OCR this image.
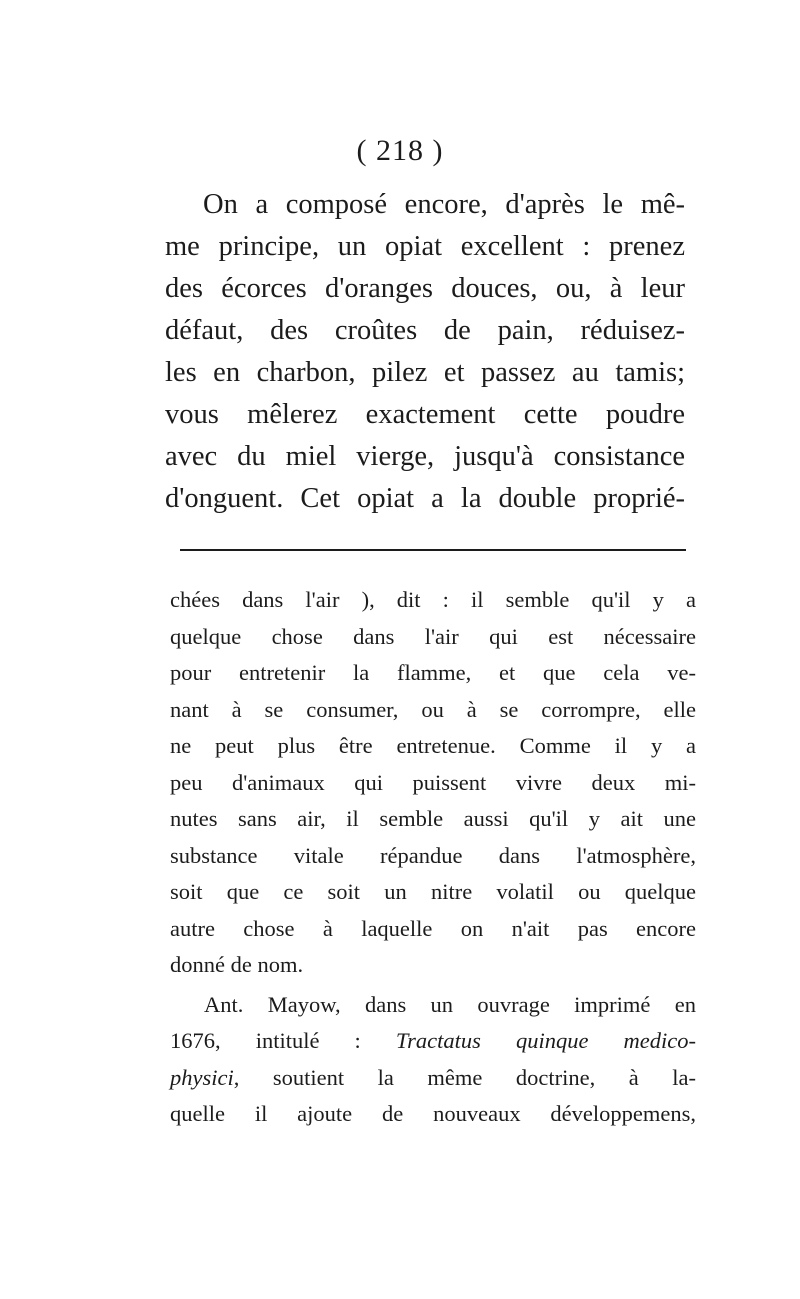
( 218 )
On a composé encore, d'après le mê-
me principe, un opiat excellent : prenez
des écorces d'oranges douces, ou, à leur
défaut, des croûtes de pain, réduisez-
les en charbon, pilez et passez au tamis;
vous mêlerez exactement cette poudre
avec du miel vierge, jusqu'à consistance
d'onguent. Cet opiat a la double proprié-
chées dans l'air ), dit : il semble qu'il y a
quelque chose dans l'air qui est nécessaire
pour entretenir la flamme, et que cela ve-
nant à se consumer, ou à se corrompre, elle
ne peut plus être entretenue. Comme il y a
peu d'animaux qui puissent vivre deux mi-
nutes sans air, il semble aussi qu'il y ait une
substance vitale répandue dans l'atmosphère,
soit que ce soit un nitre volatil ou quelque
autre chose à laquelle on n'ait pas encore
donné de nom.
Ant. Mayow, dans un ouvrage imprimé en
1676, intitulé : Tractatus quinque medico-
physici, soutient la même doctrine, à la-
quelle il ajoute de nouveaux développemens,
